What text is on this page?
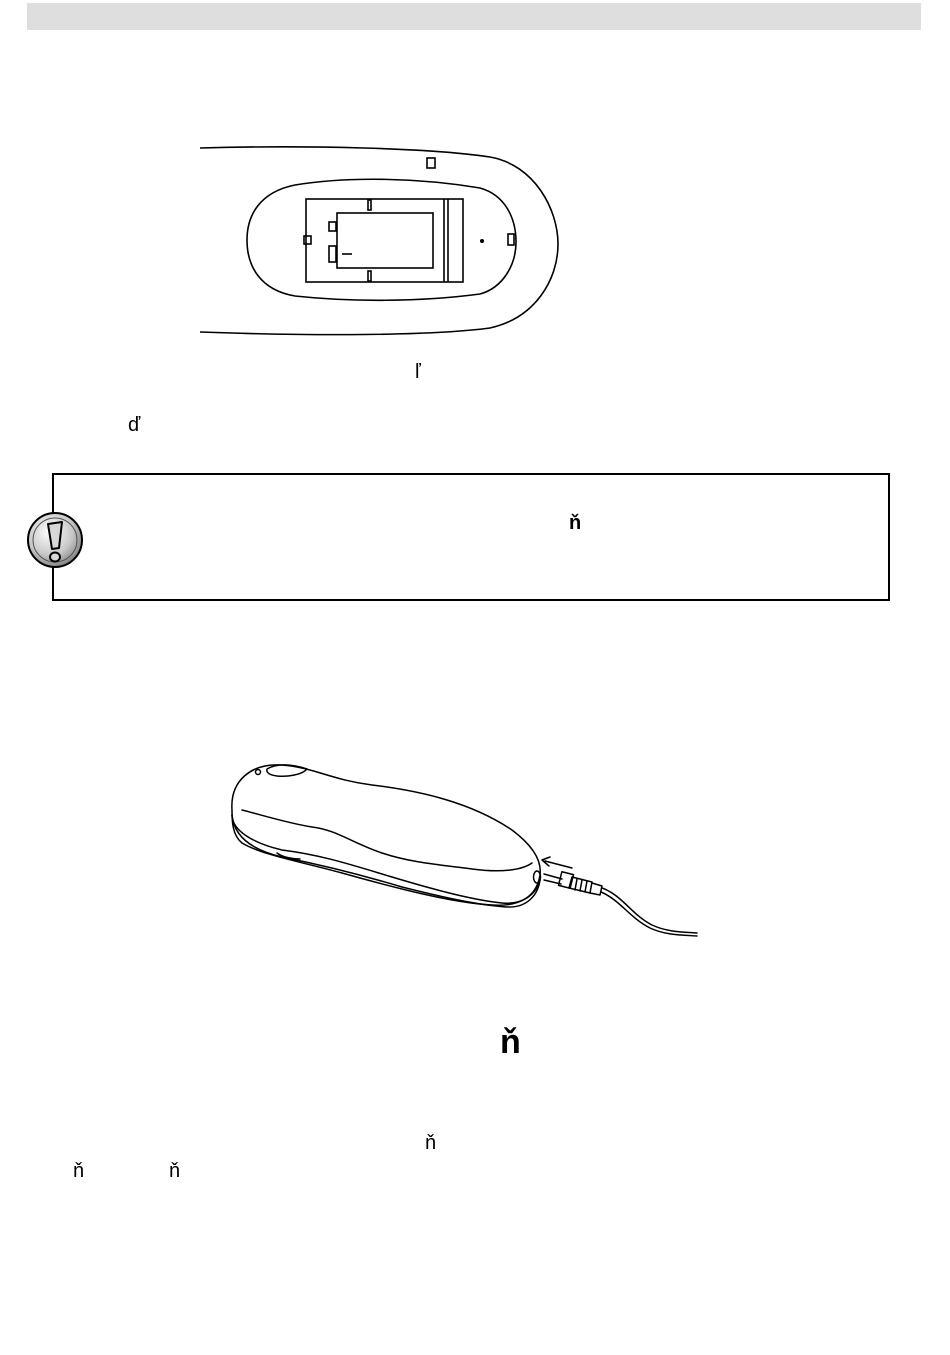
ľ
ď
ň
ň
ň
ň	ň
